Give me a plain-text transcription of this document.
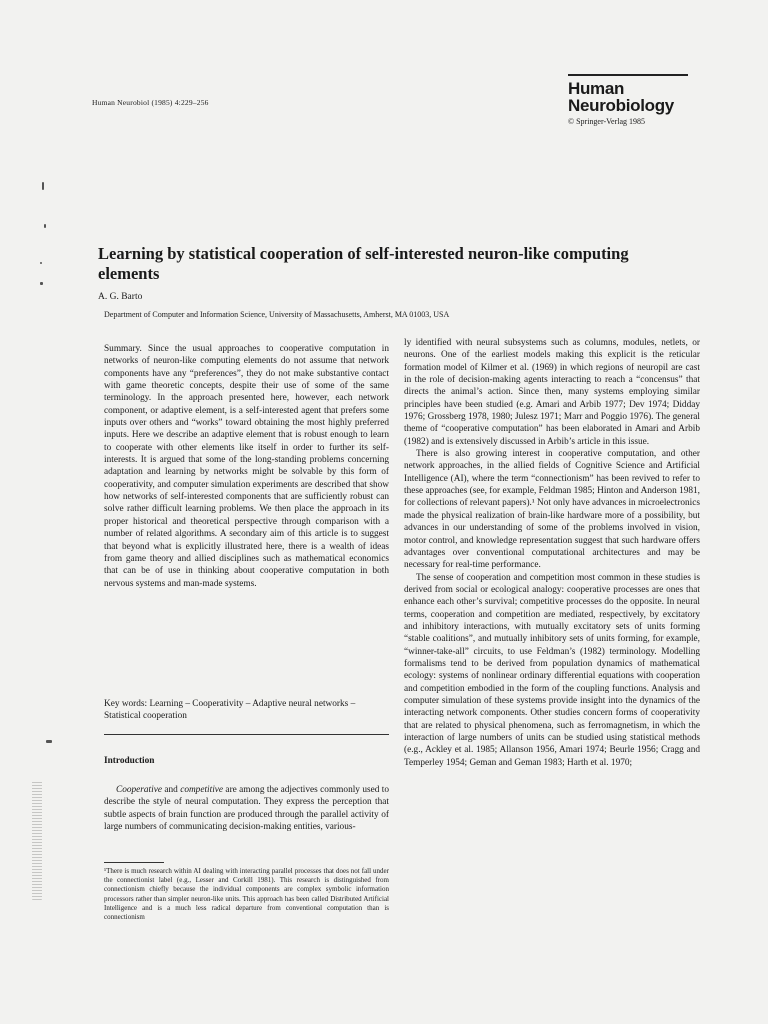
Human Neurobiol (1985) 4:229–256
Human
Neurobiology
© Springer-Verlag 1985
Learning by statistical cooperation of self-interested neuron-like computing elements
A. G. Barto
Department of Computer and Information Science, University of Massachusetts, Amherst, MA 01003, USA

Summary. Since the usual approaches to cooperative computation in networks of neuron-like computing elements do not assume that network components have any “preferences”, they do not make substantive contact with game theoretic concepts, despite their use of some of the same terminology. In the approach presented here, however, each network component, or adaptive element, is a self-interested agent that prefers some inputs over others and “works” toward obtaining the most highly preferred inputs. Here we describe an adaptive element that is robust enough to learn to cooperate with other elements like itself in order to further its self-interests. It is argued that some of the long-standing problems concerning adaptation and learning by networks might be solvable by this form of cooperativity, and computer simulation experiments are described that show how networks of self-interested components that are sufficiently robust can solve rather difficult learning problems. We then place the approach in its proper historical and theoretical perspective through comparison with a number of related algorithms. A secondary aim of this article is to suggest that beyond what is explicitly illustrated here, there is a wealth of ideas from game theory and allied disciplines such as mathematical economics that can be of use in thinking about cooperative computation in both nervous systems and man-made systems.

Key words: Learning – Cooperativity – Adaptive neural networks – Statistical cooperation
Introduction

Cooperative and competitive are among the adjectives commonly used to describe the style of neural computation. They express the perception that subtle aspects of brain function are produced through the parallel activity of large numbers of communicating decision-making entities, various-

¹There is much research within AI dealing with interacting parallel processes that does not fall under the connectionist label (e.g., Lesser and Corkill 1981). This research is distinguished from connectionism chiefly because the individual components are complex symbolic information processors rather than simpler neuron-like units. This approach has been called Distributed Artificial Intelligence and is a much less radical departure from conventional computation than is connectionism

ly identified with neural subsystems such as columns, modules, netlets, or neurons. One of the earliest models making this explicit is the reticular formation model of Kilmer et al. (1969) in which regions of neuropil are cast in the role of decision-making agents interacting to reach a “concensus” that directs the animal’s action. Since then, many systems employing similar principles have been studied (e.g. Amari and Arbib 1977; Dev 1974; Didday 1976; Grossberg 1978, 1980; Julesz 1971; Marr and Poggio 1976). The general theme of “cooperative computation” has been elaborated in Amari and Arbib (1982) and is extensively discussed in Arbib’s article in this issue.

There is also growing interest in cooperative computation, and other network approaches, in the allied fields of Cognitive Science and Artificial Intelligence (AI), where the term “connectionism” has been revived to refer to these approaches (see, for example, Feldman 1985; Hinton and Anderson 1981, for collections of relevant papers).¹ Not only have advances in microelectronics made the physical realization of brain-like hardware more of a possibility, but advances in our understanding of some of the problems involved in vision, motor control, and knowledge representation suggest that such hardware offers advantages over conventional computational architectures and may be necessary for real-time performance.

The sense of cooperation and competition most common in these studies is derived from social or ecological analogy: cooperative processes are ones that enhance each other’s survival; competitive processes do the opposite. In neural terms, cooperation and competition are mediated, respectively, by excitatory and inhibitory interactions, with mutually excitatory sets of units forming “stable coalitions”, and mutually inhibitory sets of units forming, for example, “winner-take-all” circuits, to use Feldman’s (1982) terminology. Modelling formalisms tend to be derived from population dynamics of mathematical ecology: systems of nonlinear ordinary differential equations with cooperation and competition embodied in the form of the coupling functions. Analysis and computer simulation of these systems provide insight into the dynamics of the interacting network components. Other studies concern forms of cooperativity that are related to physical phenomena, such as ferromagnetism, in which the interaction of large numbers of units can be studied using statistical methods (e.g., Ackley et al. 1985; Allanson 1956, Amari 1974; Beurle 1956; Cragg and Temperley 1954; Geman and Geman 1983; Harth et al. 1970;
